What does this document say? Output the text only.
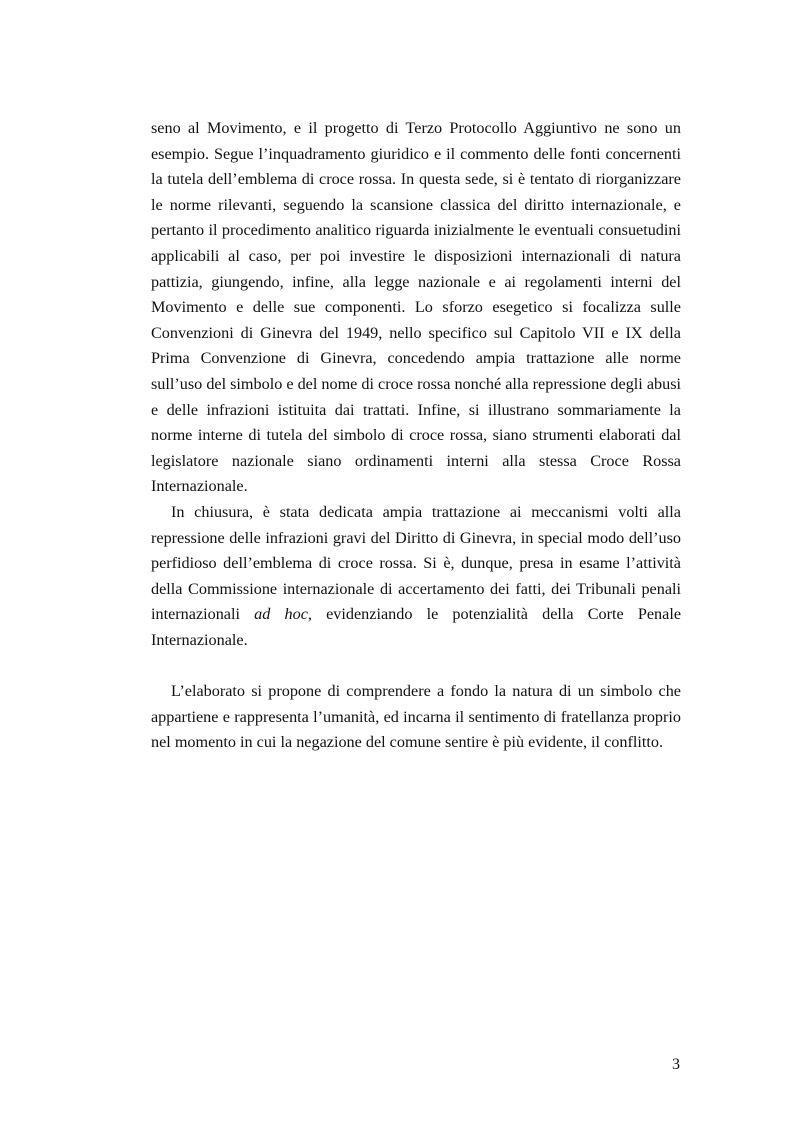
seno al Movimento, e il progetto di Terzo Protocollo Aggiuntivo ne sono un esempio. Segue l’inquadramento giuridico e il commento delle fonti concernenti la tutela dell’emblema di croce rossa. In questa sede, si è tentato di riorganizzare le norme rilevanti, seguendo la scansione classica del diritto internazionale, e pertanto il procedimento analitico riguarda inizialmente le eventuali consuetudini applicabili al caso, per poi investire le disposizioni internazionali di natura pattizia, giungendo, infine, alla legge nazionale e ai regolamenti interni del Movimento e delle sue componenti. Lo sforzo esegetico si focalizza sulle Convenzioni di Ginevra del 1949, nello specifico sul Capitolo VII e IX della Prima Convenzione di Ginevra, concedendo ampia trattazione alle norme sull’uso del simbolo e del nome di croce rossa nonché alla repressione degli abusi e delle infrazioni istituita dai trattati. Infine, si illustrano sommariamente la norme interne di tutela del simbolo di croce rossa, siano strumenti elaborati dal legislatore nazionale siano ordinamenti interni alla stessa Croce Rossa Internazionale.

In chiusura, è stata dedicata ampia trattazione ai meccanismi volti alla repressione delle infrazioni gravi del Diritto di Ginevra, in special modo dell’uso perfidioso dell’emblema di croce rossa. Si è, dunque, presa in esame l’attività della Commissione internazionale di accertamento dei fatti, dei Tribunali penali internazionali ad hoc, evidenziando le potenzialità della Corte Penale Internazionale.

L’elaborato si propone di comprendere a fondo la natura di un simbolo che appartiene e rappresenta l’umanità, ed incarna il sentimento di fratellanza proprio nel momento in cui la negazione del comune sentire è più evidente, il conflitto.

3
